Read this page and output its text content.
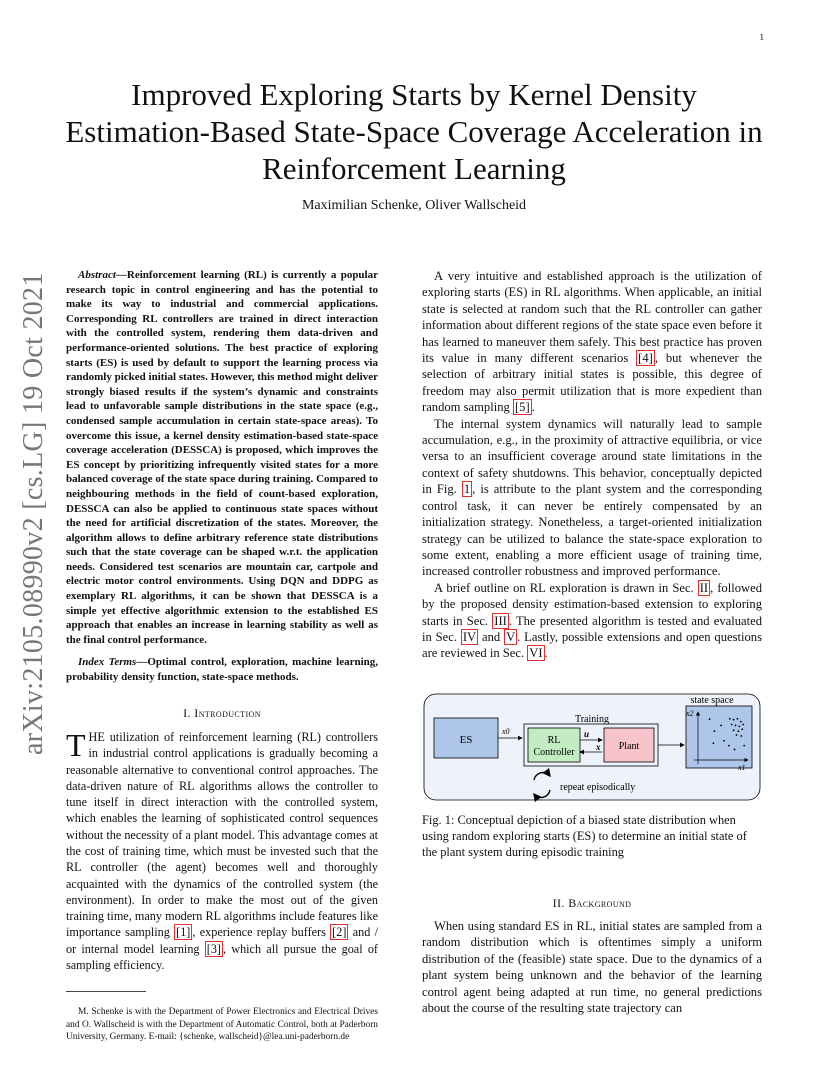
1
arXiv:2105.08990v2 [cs.LG] 19 Oct 2021
Improved Exploring Starts by Kernel Density Estimation-Based State-Space Coverage Acceleration in Reinforcement Learning
Maximilian Schenke, Oliver Wallscheid

Abstract—Reinforcement learning (RL) is currently a popular research topic in control engineering and has the potential to make its way to industrial and commercial applications. Corresponding RL controllers are trained in direct interaction with the controlled system, rendering them data-driven and performance-oriented solutions. The best practice of exploring starts (ES) is used by default to support the learning process via randomly picked initial states. However, this method might deliver strongly biased results if the system’s dynamic and constraints lead to unfavorable sample distributions in the state space (e.g., condensed sample accumulation in certain state-space areas). To overcome this issue, a kernel density estimation-based state-space coverage acceleration (DESSCA) is proposed, which improves the ES concept by prioritizing infrequently visited states for a more balanced coverage of the state space during training. Compared to neighbouring methods in the field of count-based exploration, DESSCA can also be applied to continuous state spaces without the need for artificial discretization of the states. Moreover, the algorithm allows to define arbitrary reference state distributions such that the state coverage can be shaped w.r.t. the application needs. Considered test scenarios are mountain car, cartpole and electric motor control environments. Using DQN and DDPG as exemplary RL algorithms, it can be shown that DESSCA is a simple yet effective algorithmic extension to the established ES approach that enables an increase in learning stability as well as the final control performance.

Index Terms—Optimal control, exploration, machine learning, probability density function, state-space methods.

I. Introduction

THE utilization of reinforcement learning (RL) controllers in industrial control applications is gradually becoming a reasonable alternative to conventional control approaches. The data-driven nature of RL algorithms allows the controller to tune itself in direct interaction with the controlled system, which enables the learning of sophisticated control sequences without the necessity of a plant model. This advantage comes at the cost of training time, which must be invested such that the RL controller (the agent) becomes well and thoroughly acquainted with the dynamics of the controlled system (the environment). In order to make the most out of the given training time, many modern RL algorithms include features like importance sampling [1] , experience replay buffers [2] and / or internal model learning [3] , which all pursue the goal of sampling efficiency.

M. Schenke is with the Department of Power Electronics and Electrical Drives and O. Wallscheid is with the Department of Automatic Control, both at Paderborn University, Germany. E-mail: {schenke, wallscheid}@lea.uni-paderborn.de

A very intuitive and established approach is the utilization of exploring starts (ES) in RL algorithms. When applicable, an initial state is selected at random such that the RL controller can gather information about different regions of the state space even before it has learned to maneuver them safely. This best practice has proven its value in many different scenarios [4] , but whenever the selection of arbitrary initial states is possible, this degree of freedom may also permit utilization that is more expedient than random sampling [5] .

The internal system dynamics will naturally lead to sample accumulation, e.g., in the proximity of attractive equilibria, or vice versa to an insufficient coverage around state limitations in the context of safety shutdowns. This behavior, conceptually depicted in Fig. 1 , is attribute to the plant system and the corresponding control task, it can never be entirely compensated by an initialization strategy. Nonetheless, a target-oriented initialization strategy can be utilized to balance the state-space exploration to some extent, enabling a more efficient usage of training time, increased controller robustness and improved performance.

A brief outline on RL exploration is drawn in Sec. II , followed by the proposed density estimation-based extension to exploring starts in Sec. III . The presented algorithm is tested and evaluated in Sec. IV and V . Lastly, possible extensions and open questions are reviewed in Sec. VI .

ES
x0
Training
RL
Controller
u
x Plant
repeat episodically
state space
x2
x1
Fig. 1: Conceptual depiction of a biased state distribution when using random exploring starts (ES) to determine an initial state of the plant system during episodic training
II. Background
When using standard ES in RL, initial states are sampled from a random distribution which is oftentimes simply a uniform distribution of the (feasible) state space. Due to the dynamics of a plant system being unknown and the behavior of the learning control agent being adapted at run time, no general predictions about the course of the resulting state trajectory can
